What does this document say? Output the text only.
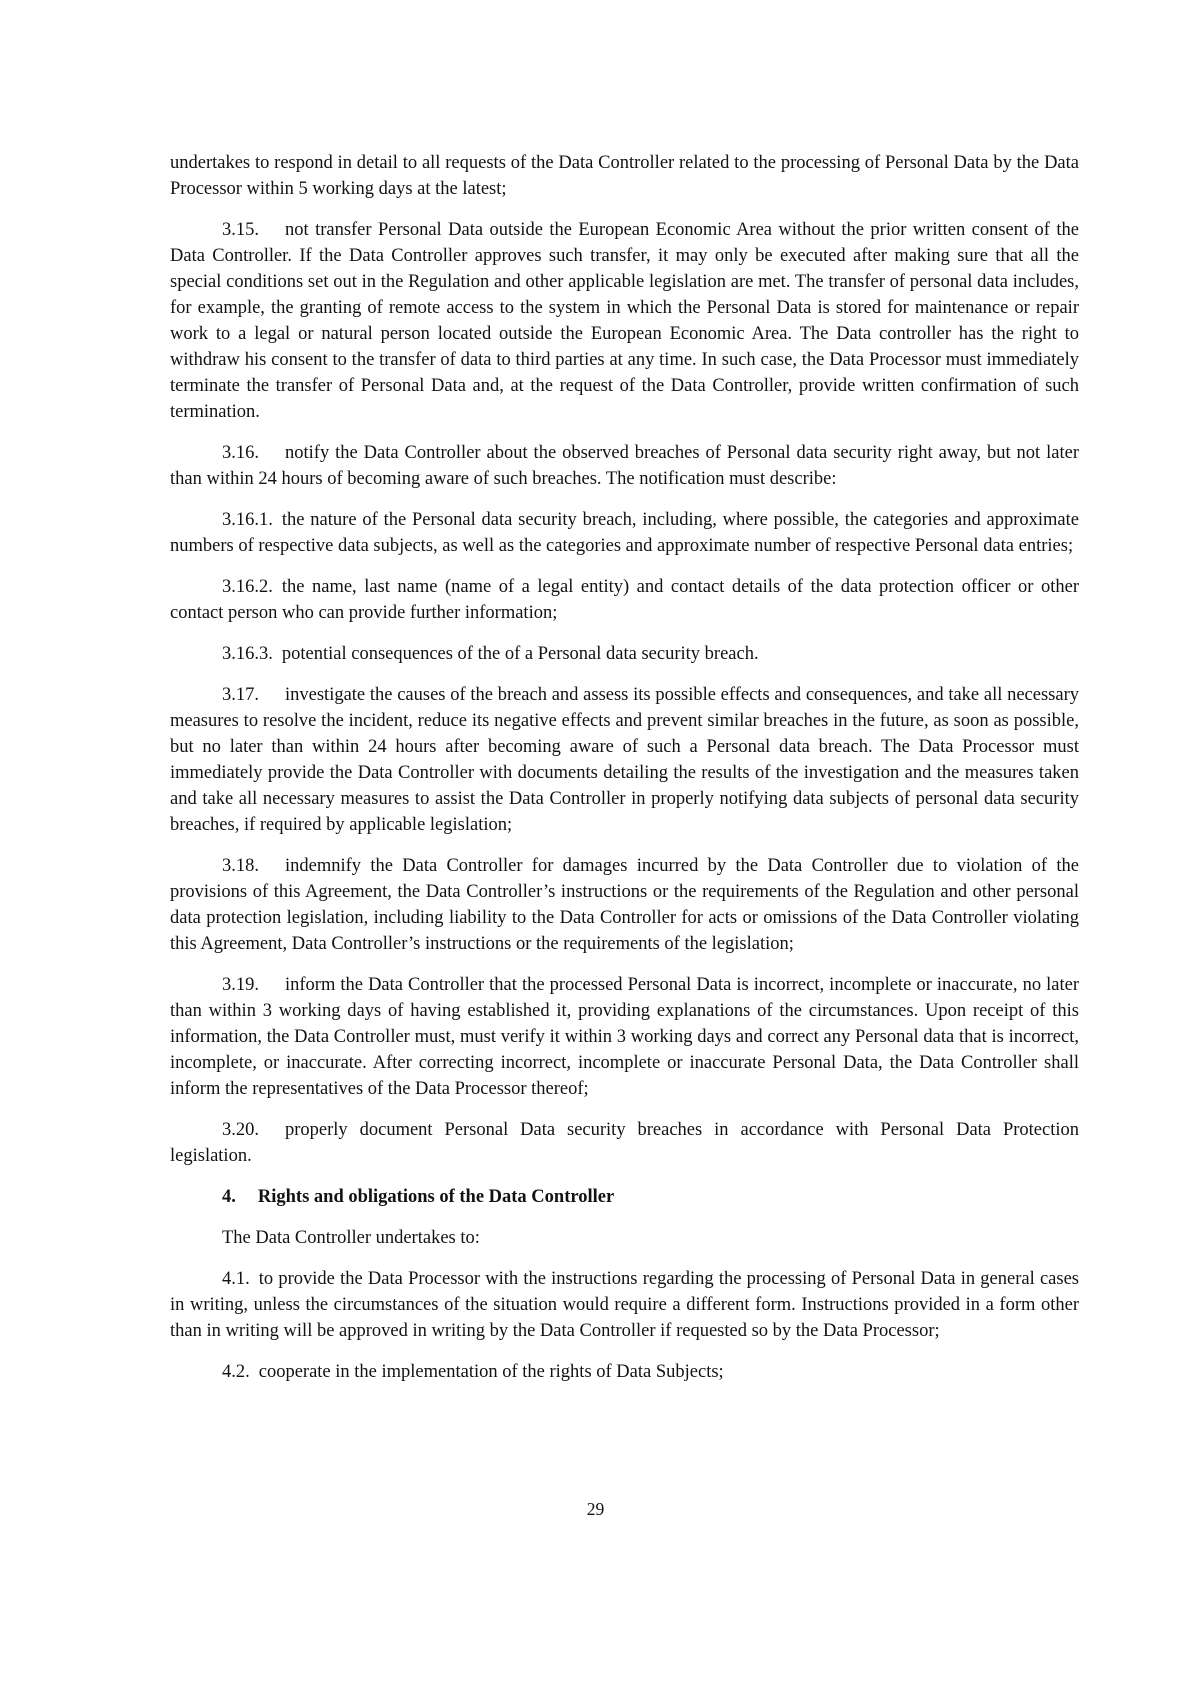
undertakes to respond in detail to all requests of the Data Controller related to the processing of Personal Data by the Data Processor within 5 working days at the latest;

3.15. not transfer Personal Data outside the European Economic Area without the prior written consent of the Data Controller. If the Data Controller approves such transfer, it may only be executed after making sure that all the special conditions set out in the Regulation and other applicable legislation are met. The transfer of personal data includes, for example, the granting of remote access to the system in which the Personal Data is stored for maintenance or repair work to a legal or natural person located outside the European Economic Area. The Data controller has the right to withdraw his consent to the transfer of data to third parties at any time. In such case, the Data Processor must immediately terminate the transfer of Personal Data and, at the request of the Data Controller, provide written confirmation of such termination.

3.16. notify the Data Controller about the observed breaches of Personal data security right away, but not later than within 24 hours of becoming aware of such breaches. The notification must describe:

3.16.1. the nature of the Personal data security breach, including, where possible, the categories and approximate numbers of respective data subjects, as well as the categories and approximate number of respective Personal data entries;

3.16.2. the name, last name (name of a legal entity) and contact details of the data protection officer or other contact person who can provide further information;

3.16.3. potential consequences of the of a Personal data security breach.

3.17. investigate the causes of the breach and assess its possible effects and consequences, and take all necessary measures to resolve the incident, reduce its negative effects and prevent similar breaches in the future, as soon as possible, but no later than within 24 hours after becoming aware of such a Personal data breach. The Data Processor must immediately provide the Data Controller with documents detailing the results of the investigation and the measures taken and take all necessary measures to assist the Data Controller in properly notifying data subjects of personal data security breaches, if required by applicable legislation;

3.18. indemnify the Data Controller for damages incurred by the Data Controller due to violation of the provisions of this Agreement, the Data Controller’s instructions or the requirements of the Regulation and other personal data protection legislation, including liability to the Data Controller for acts or omissions of the Data Controller violating this Agreement, Data Controller’s instructions or the requirements of the legislation;

3.19. inform the Data Controller that the processed Personal Data is incorrect, incomplete or inaccurate, no later than within 3 working days of having established it, providing explanations of the circumstances. Upon receipt of this information, the Data Controller must, must verify it within 3 working days and correct any Personal data that is incorrect, incomplete, or inaccurate. After correcting incorrect, incomplete or inaccurate Personal Data, the Data Controller shall inform the representatives of the Data Processor thereof;

3.20. properly document Personal Data security breaches in accordance with Personal Data Protection legislation.

4. Rights and obligations of the Data Controller

The Data Controller undertakes to:

4.1. to provide the Data Processor with the instructions regarding the processing of Personal Data in general cases in writing, unless the circumstances of the situation would require a different form. Instructions provided in a form other than in writing will be approved in writing by the Data Controller if requested so by the Data Processor;

4.2. cooperate in the implementation of the rights of Data Subjects;

29
